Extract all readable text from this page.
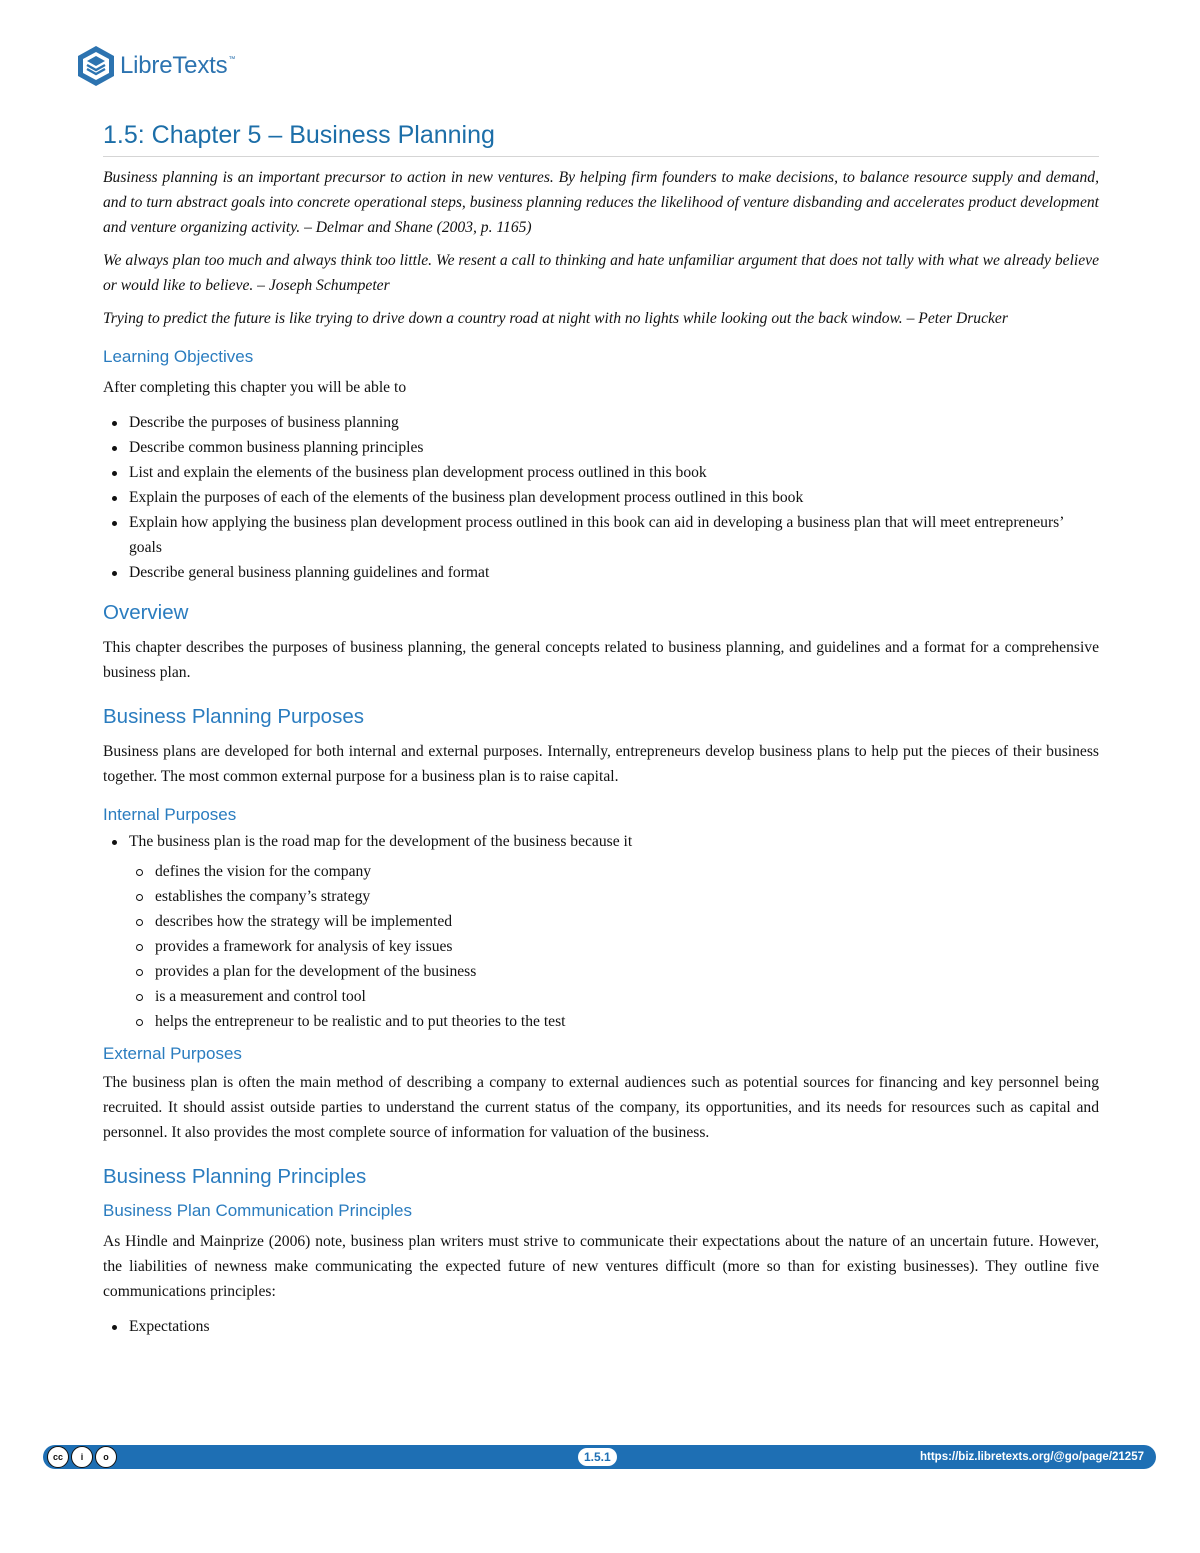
LibreTexts™
1.5: Chapter 5 – Business Planning

Business planning is an important precursor to action in new ventures. By helping firm founders to make decisions, to balance resource supply and demand, and to turn abstract goals into concrete operational steps, business planning reduces the likelihood of venture disbanding and accelerates product development and venture organizing activity. – Delmar and Shane (2003, p. 1165)

We always plan too much and always think too little. We resent a call to thinking and hate unfamiliar argument that does not tally with what we already believe or would like to believe. – Joseph Schumpeter

Trying to predict the future is like trying to drive down a country road at night with no lights while looking out the back window. – Peter Drucker

Learning Objectives

After completing this chapter you will be able to

Describe the purposes of business planning
Describe common business planning principles
List and explain the elements of the business plan development process outlined in this book
Explain the purposes of each of the elements of the business plan development process outlined in this book
Explain how applying the business plan development process outlined in this book can aid in developing a business plan that will meet entrepreneurs’ goals
Describe general business planning guidelines and format
Overview

This chapter describes the purposes of business planning, the general concepts related to business planning, and guidelines and a format for a comprehensive business plan.

Business Planning Purposes

Business plans are developed for both internal and external purposes. Internally, entrepreneurs develop business plans to help put the pieces of their business together. The most common external purpose for a business plan is to raise capital.

Internal Purposes
The business plan is the road map for the development of the business because it
defines the vision for the company
establishes the company’s strategy
describes how the strategy will be implemented
provides a framework for analysis of key issues
provides a plan for the development of the business
is a measurement and control tool
helps the entrepreneur to be realistic and to put theories to the test
External Purposes

The business plan is often the main method of describing a company to external audiences such as potential sources for financing and key personnel being recruited. It should assist outside parties to understand the current status of the company, its opportunities, and its needs for resources such as capital and personnel. It also provides the most complete source of information for valuation of the business.

Business Planning Principles
Business Plan Communication Principles

As Hindle and Mainprize (2006) note, business plan writers must strive to communicate their expectations about the nature of an uncertain future. However, the liabilities of newness make communicating the expected future of new ventures difficult (more so than for existing businesses). They outline five communications principles:

Expectations
cc	i	o	1.5.1	https://biz.libretexts.org/@go/page/21257
